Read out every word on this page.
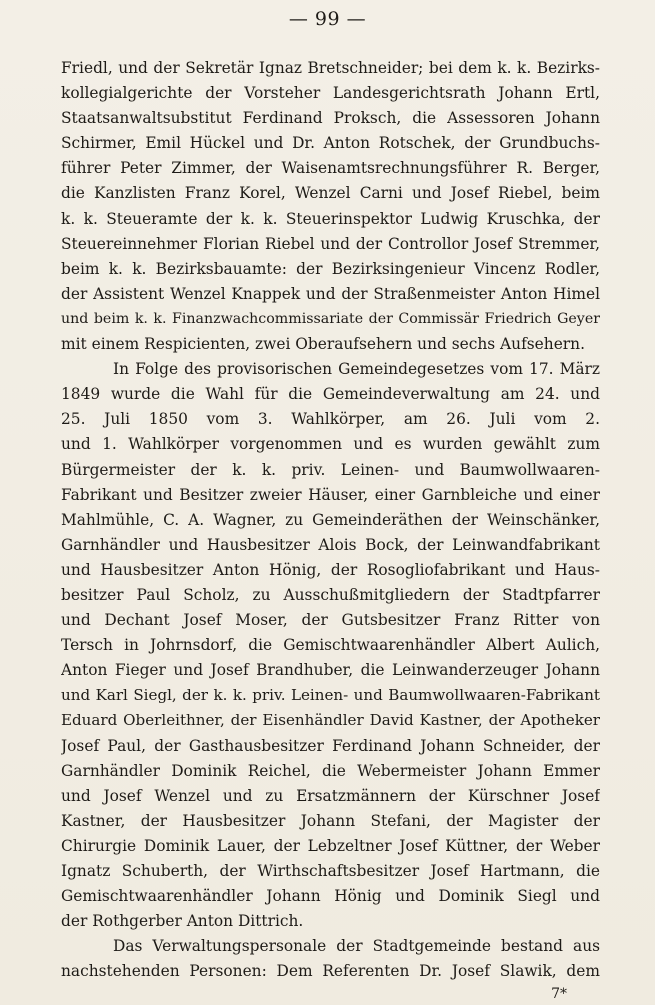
— 99 —
Friedl, und der Sekretär Ignaz Bretschneider; bei dem k. k. Bezirks-
kollegialgerichte der Vorsteher Landesgerichtsrath Johann Ertl,
Staatsanwaltsubstitut Ferdinand Proksch, die Assessoren Johann
Schirmer, Emil Hückel und Dr. Anton Rotschek, der Grundbuchs-
führer Peter Zimmer, der Waisenamtsrechnungsführer R. Berger,
die Kanzlisten Franz Korel, Wenzel Carni und Josef Riebel, beim
k. k. Steueramte der k. k. Steuerinspektor Ludwig Kruschka, der
Steuereinnehmer Florian Riebel und der Controllor Josef Stremmer,
beim k. k. Bezirksbauamte: der Bezirksingenieur Vincenz Rodler,
der Assistent Wenzel Knappek und der Straßenmeister Anton Himel
und beim k. k. Finanzwachcommissariate der Commissär Friedrich Geyer
mit einem Respicienten, zwei Oberaufsehern und sechs Aufsehern.
In Folge des provisorischen Gemeindegesetzes vom 17. März
1849 wurde die Wahl für die Gemeindeverwaltung am 24. und
25. Juli 1850 vom 3. Wahlkörper, am 26. Juli vom 2.
und 1. Wahlkörper vorgenommen und es wurden gewählt zum
Bürgermeister der k. k. priv. Leinen- und Baumwollwaaren-
Fabrikant und Besitzer zweier Häuser, einer Garnbleiche und einer
Mahlmühle, C. A. Wagner, zu Gemeinderäthen der Weinschänker,
Garnhändler und Hausbesitzer Alois Bock, der Leinwandfabrikant
und Hausbesitzer Anton Hönig, der Rosogliofabrikant und Haus-
besitzer Paul Scholz, zu Ausschußmitgliedern der Stadtpfarrer
und Dechant Josef Moser, der Gutsbesitzer Franz Ritter von
Tersch in Johrnsdorf, die Gemischtwaarenhändler Albert Aulich,
Anton Fieger und Josef Brandhuber, die Leinwanderzeuger Johann
und Karl Siegl, der k. k. priv. Leinen- und Baumwollwaaren-Fabrikant
Eduard Oberleithner, der Eisenhändler David Kastner, der Apotheker
Josef Paul, der Gasthausbesitzer Ferdinand Johann Schneider, der
Garnhändler Dominik Reichel, die Webermeister Johann Emmer
und Josef Wenzel und zu Ersatzmännern der Kürschner Josef
Kastner, der Hausbesitzer Johann Stefani, der Magister der
Chirurgie Dominik Lauer, der Lebzeltner Josef Küttner, der Weber
Ignatz Schuberth, der Wirthschaftsbesitzer Josef Hartmann, die
Gemischtwaarenhändler Johann Hönig und Dominik Siegl und
der Rothgerber Anton Dittrich.
Das Verwaltungspersonale der Stadtgemeinde bestand aus
nachstehenden Personen: Dem Referenten Dr. Josef Slawik, dem
7*
